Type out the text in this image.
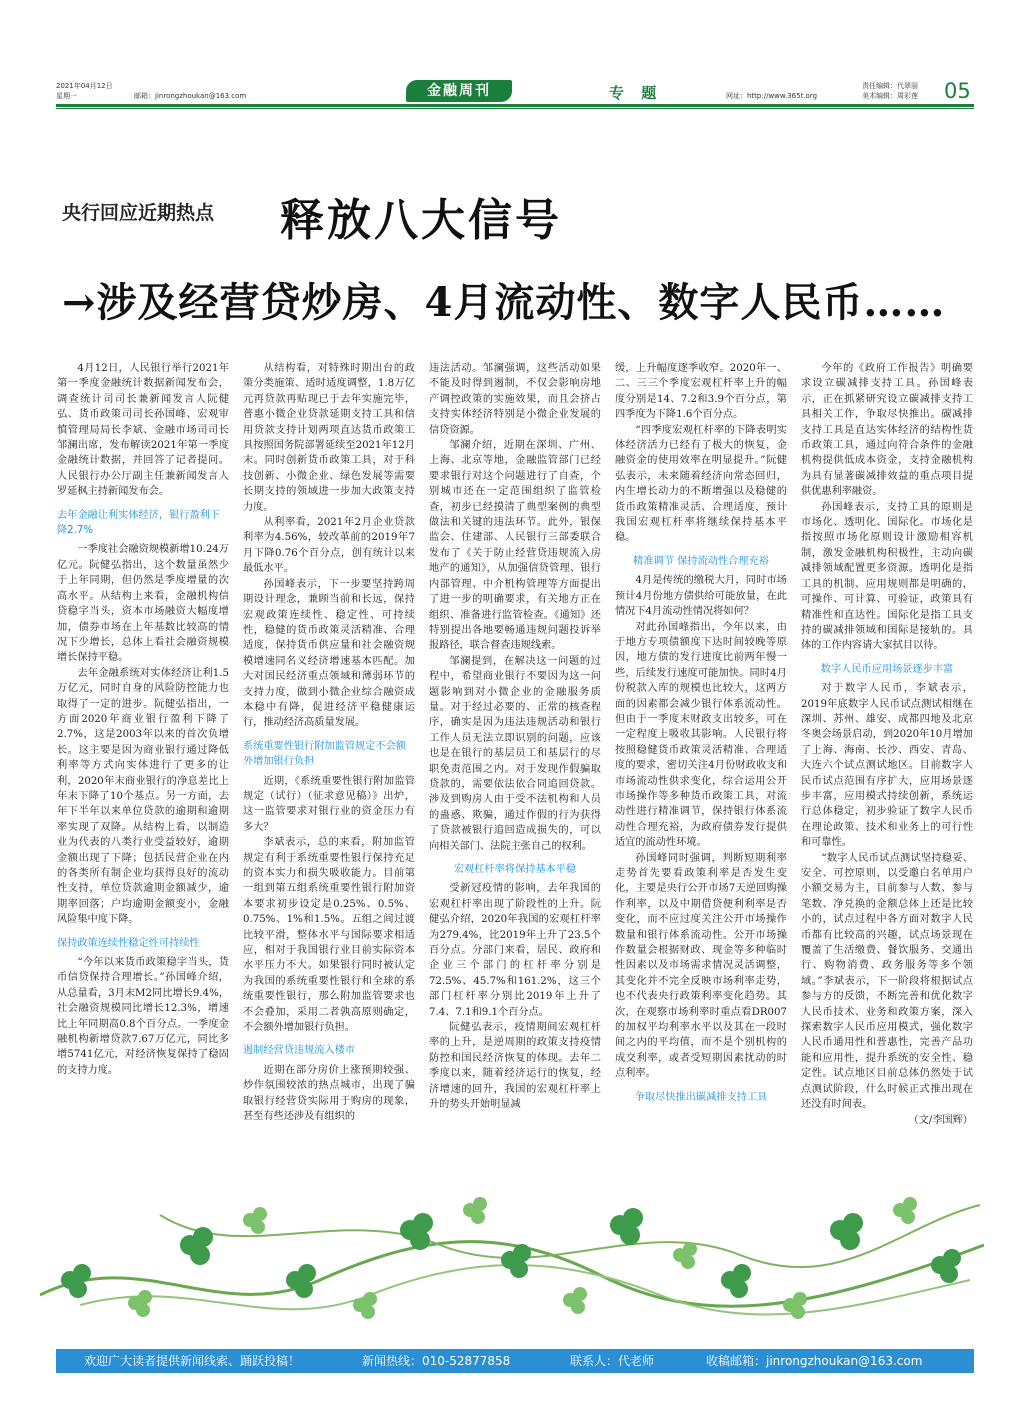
2021年04月12日
星期一	邮箱：jinrongzhoukan@163.com	金融周刊	专 题	网址：http://www.365t.org
责任编辑：代翠丽
美术编辑：周彩莲 05
央行回应近期热点 释放八大信号
→涉及经营贷炒房、4月流动性、数字人民币……

4月12日，人民银行举行2021年第一季度金融统计数据新闻发布会，调查统计司司长兼新闻发言人阮健弘、货币政策司司长孙国峰、宏观审慎管理局局长李斌、金融市场司司长邹澜出席，发布解读2021年第一季度金融统计数据，并回答了记者提问。人民银行办公厅副主任兼新闻发言人罗延枫主持新闻发布会。

去年金融让利实体经济，银行盈利下降2.7%

一季度社会融资规模新增10.24万亿元。阮健弘指出，这个数量虽然少于上年同期，但仍然是季度增量的次高水平。从结构上来看，金融机构信贷稳字当头，资本市场融资大幅度增加，债券市场在上年基数比较高的情况下少增长，总体上看社会融资规模增长保持平稳。

去年金融系统对实体经济让利1.5万亿元，同时自身的风险防控能力也取得了一定的进步。阮健弘指出，一方面2020年商业银行盈利下降了2.7%，这是2003年以来的首次负增长。这主要是因为商业银行通过降低利率等方式向实体进行了更多的让利，2020年末商业银行的净息差比上年末下降了10个基点。另一方面，去年下半年以来单位贷款的逾期和逾期率实现了双降。从结构上看，以制造业为代表的八类行业受益较好，逾期金额出现了下降；包括民营企业在内的各类所有制企业均获得良好的流动性支持，单位贷款逾期金额减少，逾期率回落；户均逾期金额变小，金融风险集中度下降。

保持政策连续性稳定性可持续性

“今年以来货币政策稳字当头，货币信贷保持合理增长。”孙国峰介绍，从总量看，3月末M2同比增长9.4%，社会融资规模同比增长12.3%，增速比上年同期高0.8个百分点。一季度金融机构新增贷款7.67万亿元，同比多增5741亿元，对经济恢复保持了稳固的支持力度。

从结构看，对特殊时期出台的政策分类施策、适时适度调整，1.8万亿元再贷款再贴现已于去年实施完毕，普惠小微企业贷款延期支持工具和信用贷款支持计划两项直达货币政策工具按照国务院部署延续至2021年12月末。同时创新货币政策工具，对于科技创新、小微企业、绿色发展等需要长期支持的领域进一步加大政策支持力度。

从利率看，2021年2月企业贷款利率为4.56%，较改革前的2019年7月下降0.76个百分点，创有统计以来最低水平。

孙国峰表示，下一步要坚持跨周期设计理念，兼顾当前和长远，保持宏观政策连续性、稳定性、可持续性，稳健的货币政策灵活精准、合理适度，保持货币供应量和社会融资规模增速同名义经济增速基本匹配。加大对国民经济重点领域和薄弱环节的支持力度，做到小微企业综合融资成本稳中有降，促进经济平稳健康运行，推动经济高质量发展。

系统重要性银行附加监管规定不会额外增加银行负担

近期，《系统重要性银行附加监管规定（试行）（征求意见稿）》出炉，这一监管要求对银行业的资金压力有多大？

李斌表示，总的来看，附加监管规定有利于系统重要性银行保持充足的资本实力和损失吸收能力。目前第一组到第五组系统重要性银行附加资本要求初步设定是0.25%、0.5%、0.75%、1%和1.5%。五组之间过渡比较平滑，整体水平与国际要求相适应，相对于我国银行业目前实际资本水平压力不大。如果银行同时被认定为我国的系统重要性银行和全球的系统重要性银行，那么附加监管要求也不会叠加，采用二者孰高原则确定，不会额外增加银行负担。

遏制经营贷违规流入楼市

近期在部分房价上涨预期较强、炒作氛围较浓的热点城市，出现了骗取银行经营贷实际用于购房的现象，甚至有些还涉及有组织的

违法活动。邹澜强调，这些活动如果不能及时得到遏制，不仅会影响房地产调控政策的实施效果，而且会挤占支持实体经济特别是小微企业发展的信贷资源。

邹澜介绍，近期在深圳、广州、上海、北京等地，金融监管部门已经要求银行对这个问题进行了自查，个别城市还在一定范围组织了监管检查，初步已经摸清了典型案例的典型做法和关键的违法环节。此外，银保监会、住建部、人民银行三部委联合发布了《关于防止经营贷违规流入房地产的通知》，从加强信贷管理、银行内部管理、中介机构管理等方面提出了进一步的明确要求，有关地方正在组织、准备进行监管检查。《通知》还特别提出各地要畅通违规问题投诉举报路径，联合督查违规线索。

邹澜提到，在解决这一问题的过程中，希望商业银行不要因为这一问题影响到对小微企业的金融服务质量。对于经过必要的、正常的核查程序，确实是因为违法违规活动和银行工作人员无法立即识别的问题，应该也是在银行的基层员工和基层行的尽职免责范围之内。对于发现作假骗取贷款的，需要依法依合同追回贷款。涉及到购房人由于受不法机构和人员的蛊惑、欺骗，通过作假的行为获得了贷款被银行追回造成损失的，可以向相关部门、法院主张自己的权利。

宏观杠杆率将保持基本平稳

受新冠疫情的影响，去年我国的宏观杠杆率出现了阶段性的上升。阮健弘介绍，2020年我国的宏观杠杆率为279.4%，比2019年上升了23.5个百分点。分部门来看，居民、政府和企业三个部门的杠杆率分别是72.5%、45.7%和161.2%，这三个部门杠杆率分别比2019年上升了7.4、7.1和9.1个百分点。

阮健弘表示，疫情期间宏观杠杆率的上升，是逆周期的政策支持疫情防控和国民经济恢复的体现。去年二季度以来，随着经济运行的恢复，经济增速的回升，我国的宏观杠杆率上升的势头开始明显减

缓，上升幅度逐季收窄。2020年一、二、三三个季度宏观杠杆率上升的幅度分别是14、7.2和3.9个百分点，第四季度为下降1.6个百分点。

“四季度宏观杠杆率的下降表明实体经济活力已经有了极大的恢复，金融资金的使用效率在明显提升。”阮健弘表示，未来随着经济向常态回归，内生增长动力的不断增强以及稳健的货币政策精准灵活、合理适度，预计我国宏观杠杆率将继续保持基本平稳。

精准调节 保持流动性合理充裕

4月是传统的缴税大月，同时市场预计4月份地方债供给可能放量，在此情况下4月流动性情况将如何？

对此孙国峰指出，今年以来，由于地方专项债额度下达时间较晚等原因，地方债的发行进度比前两年慢一些，后续发行速度可能加快。同时4月份税款入库的规模也比较大，这两方面的因素都会减少银行体系流动性。但由于一季度末财政支出较多，可在一定程度上吸收其影响。人民银行将按照稳健货币政策灵活精准、合理适度的要求，密切关注4月份财政收支和市场流动性供求变化，综合运用公开市场操作等多种货币政策工具，对流动性进行精准调节，保持银行体系流动性合理充裕，为政府债券发行提供适宜的流动性环境。

孙国峰同时强调，判断短期利率走势首先要看政策利率是否发生变化，主要是央行公开市场7天逆回购操作利率，以及中期借贷便利利率是否变化，而不应过度关注公开市场操作数量和银行体系流动性。公开市场操作数量会根据财政、现金等多种临时性因素以及市场需求情况灵活调整，其变化并不完全反映市场利率走势，也不代表央行政策利率变化趋势。其次，在观察市场利率时重点看DR007的加权平均利率水平以及其在一段时间之内的平均值，而不是个别机构的成交利率，或者受短期因素扰动的时点利率。

争取尽快推出碳减排支持工具

今年的《政府工作报告》明确要求设立碳减排支持工具。孙国峰表示，正在抓紧研究设立碳减排支持工具相关工作，争取尽快推出。碳减排支持工具是直达实体经济的结构性货币政策工具，通过向符合条件的金融机构提供低成本资金，支持金融机构为具有显著碳减排效益的重点项目提供优惠利率融资。

孙国峰表示，支持工具的原则是市场化、透明化、国际化。市场化是指按照市场化原则设计激励相容机制，激发金融机构积极性，主动向碳减排领域配置更多资源。透明化是指工具的机制、应用规则都是明确的，可操作、可计算、可验证，政策具有精准性和直达性。国际化是指工具支持的碳减排领域和国际是接轨的。具体的工作内容请大家拭目以待。

数字人民币应用场景逐步丰富

对于数字人民币，李斌表示，2019年底数字人民币试点测试相继在深圳、苏州、雄安、成都四地及北京冬奥会场景启动，到2020年10月增加了上海、海南、长沙、西安、青岛、大连六个试点测试地区。目前数字人民币试点范围有序扩大，应用场景逐步丰富，应用模式持续创新，系统运行总体稳定，初步验证了数字人民币在理论政策、技术和业务上的可行性和可靠性。

“数字人民币试点测试坚持稳妥、安全、可控原则，以受邀白名单用户小额交易为主，目前参与人数、参与笔数、净兑换的金额总体上还是比较小的，试点过程中各方面对数字人民币都有比较高的兴趣，试点场景现在覆盖了生活缴费、餐饮服务、交通出行、购物消费、政务服务等多个领域。”李斌表示，下一阶段将根据试点参与方的反馈，不断完善和优化数字人民币技术、业务和政策方案，深入探索数字人民币应用模式，强化数字人民币通用性和普惠性，完善产品功能和应用性，提升系统的安全性、稳定性。试点地区目前总体仍然处于试点测试阶段，什么时候正式推出现在还没有时间表。

（文/李国辉）

欢迎广大读者提供新闻线索、踊跃投稿！	新闻热线：010-52877858	联系人：代老师	收稿邮箱：jinrongzhoukan@163.com
